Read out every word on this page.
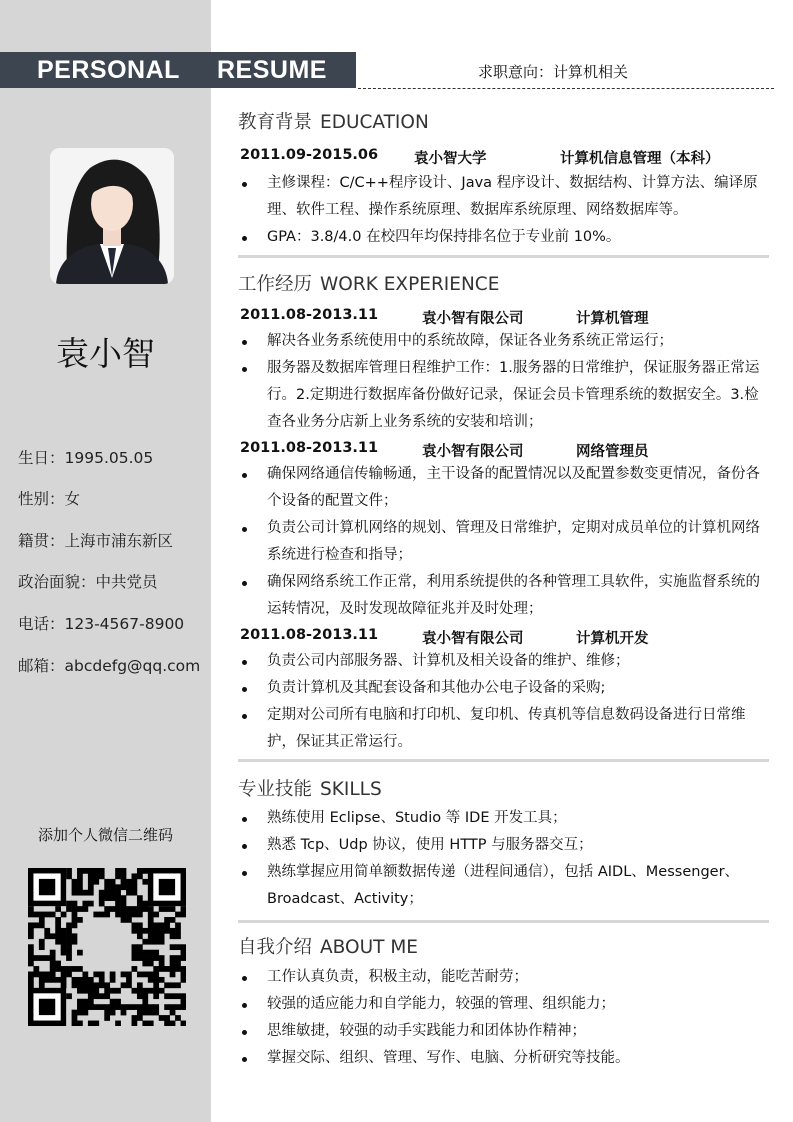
PERSONAL RESUME	求职意向：计算机相关
袁小智
生日：1995.05.05
性别：女
籍贯：上海市浦东新区
政治面貌：中共党员
电话：123-4567-8900
邮箱：abcdefg@qq.com
添加个人微信二维码
教育背景 EDUCATION
2011.09-2015.06 袁小智大学	计算机信息管理（本科）
主修课程：C/C++程序设计、Java 程序设计、数据结构、计算方法、编译原理、软件工程、操作系统原理、数据库系统原理、网络数据库等。
GPA：3.8/4.0 在校四年均保持排名位于专业前 10%。
工作经历 WORK EXPERIENCE
2011.08-2013.11	袁小智有限公司	计算机管理
解决各业务系统使用中的系统故障，保证各业务系统正常运行；
服务器及数据库管理日程维护工作：1.服务器的日常维护，保证服务器正常运行。2.定期进行数据库备份做好记录，保证会员卡管理系统的数据安全。3.检查各业务分店新上业务系统的安装和培训；
2011.08-2013.11	袁小智有限公司	网络管理员
确保网络通信传输畅通，主干设备的配置情况以及配置参数变更情况，备份各个设备的配置文件；
负责公司计算机网络的规划、管理及日常维护，定期对成员单位的计算机网络系统进行检查和指导；
确保网络系统工作正常，利用系统提供的各种管理工具软件，实施监督系统的运转情况，及时发现故障征兆并及时处理；
2011.08-2013.11	袁小智有限公司	计算机开发
负责公司内部服务器、计算机及相关设备的维护、维修；
负责计算机及其配套设备和其他办公电子设备的采购;
定期对公司所有电脑和打印机、复印机、传真机等信息数码设备进行日常维护，保证其正常运行。
专业技能 SKILLS
熟练使用 Eclipse、Studio 等 IDE 开发工具；
熟悉 Tcp、Udp 协议，使用 HTTP 与服务器交互；
熟练掌握应用简单额数据传递（进程间通信），包括 AIDL、Messenger、Broadcast、Activity；
自我介绍 ABOUT ME
工作认真负责，积极主动，能吃苦耐劳；
较强的适应能力和自学能力，较强的管理、组织能力；
思维敏捷，较强的动手实践能力和团体协作精神；
掌握交际、组织、管理、写作、电脑、分析研究等技能。
